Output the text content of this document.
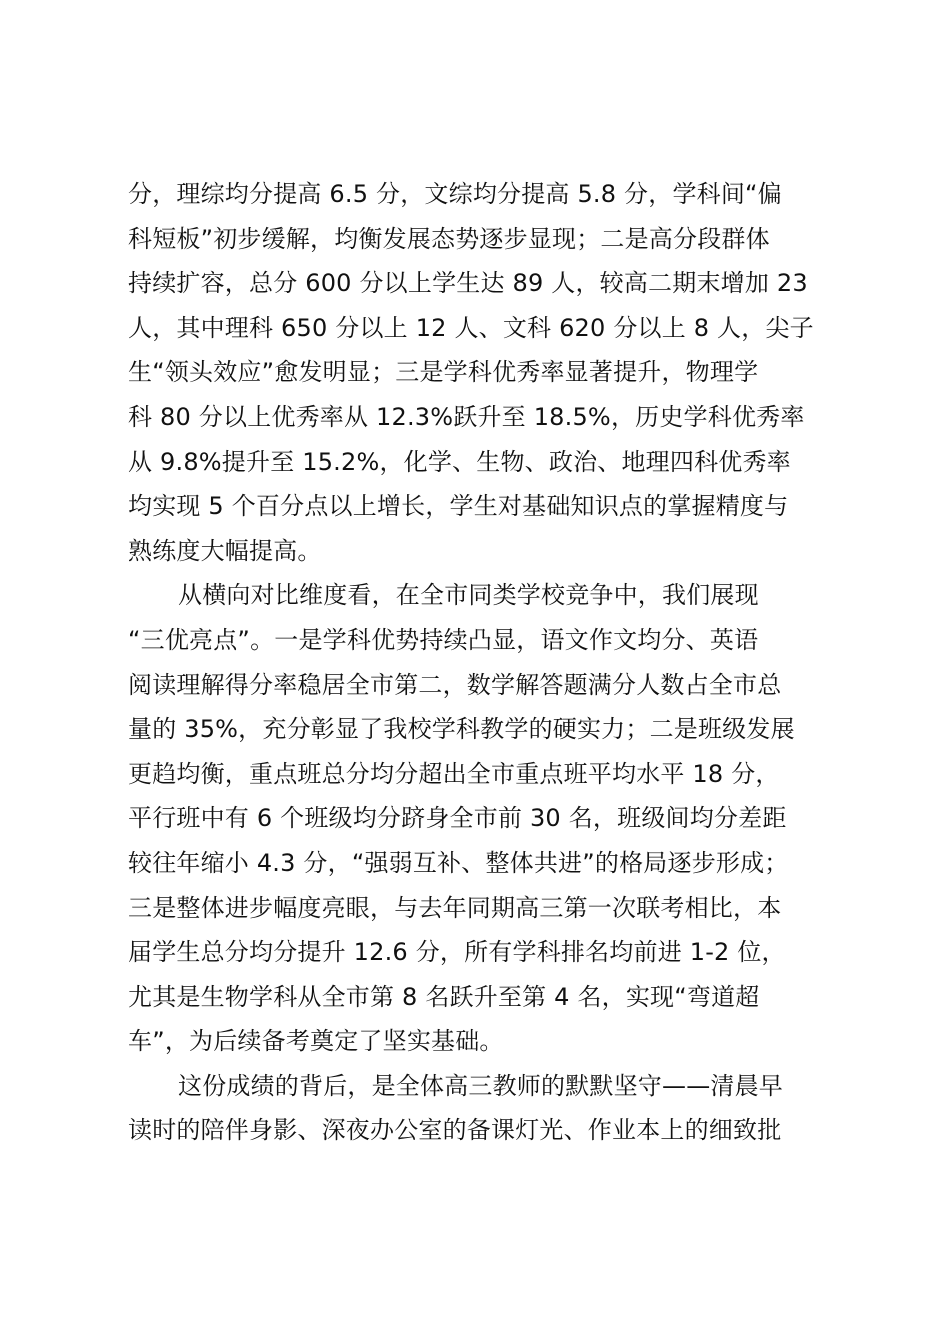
分，理综均分提高 6.5 分，文综均分提高 5.8 分，学科间“偏
科短板”初步缓解，均衡发展态势逐步显现；二是高分段群体
持续扩容，总分 600 分以上学生达 89 人，较高二期末增加 23
人，其中理科 650 分以上 12 人、文科 620 分以上 8 人，尖子
生“领头效应”愈发明显；三是学科优秀率显著提升，物理学
科 80 分以上优秀率从 12.3%跃升至 18.5%，历史学科优秀率
从 9.8%提升至 15.2%，化学、生物、政治、地理四科优秀率
均实现 5 个百分点以上增长，学生对基础知识点的掌握精度与
熟练度大幅提高。
从横向对比维度看，在全市同类学校竞争中，我们展现
“三优亮点”。一是学科优势持续凸显，语文作文均分、英语
阅读理解得分率稳居全市第二，数学解答题满分人数占全市总
量的 35%，充分彰显了我校学科教学的硬实力；二是班级发展
更趋均衡，重点班总分均分超出全市重点班平均水平 18 分，
平行班中有 6 个班级均分跻身全市前 30 名，班级间均分差距
较往年缩小 4.3 分，“强弱互补、整体共进”的格局逐步形成；
三是整体进步幅度亮眼，与去年同期高三第一次联考相比，本
届学生总分均分提升 12.6 分，所有学科排名均前进 1-2 位，
尤其是生物学科从全市第 8 名跃升至第 4 名，实现“弯道超
车”，为后续备考奠定了坚实基础。
这份成绩的背后，是全体高三教师的默默坚守——清晨早
读时的陪伴身影、深夜办公室的备课灯光、作业本上的细致批
